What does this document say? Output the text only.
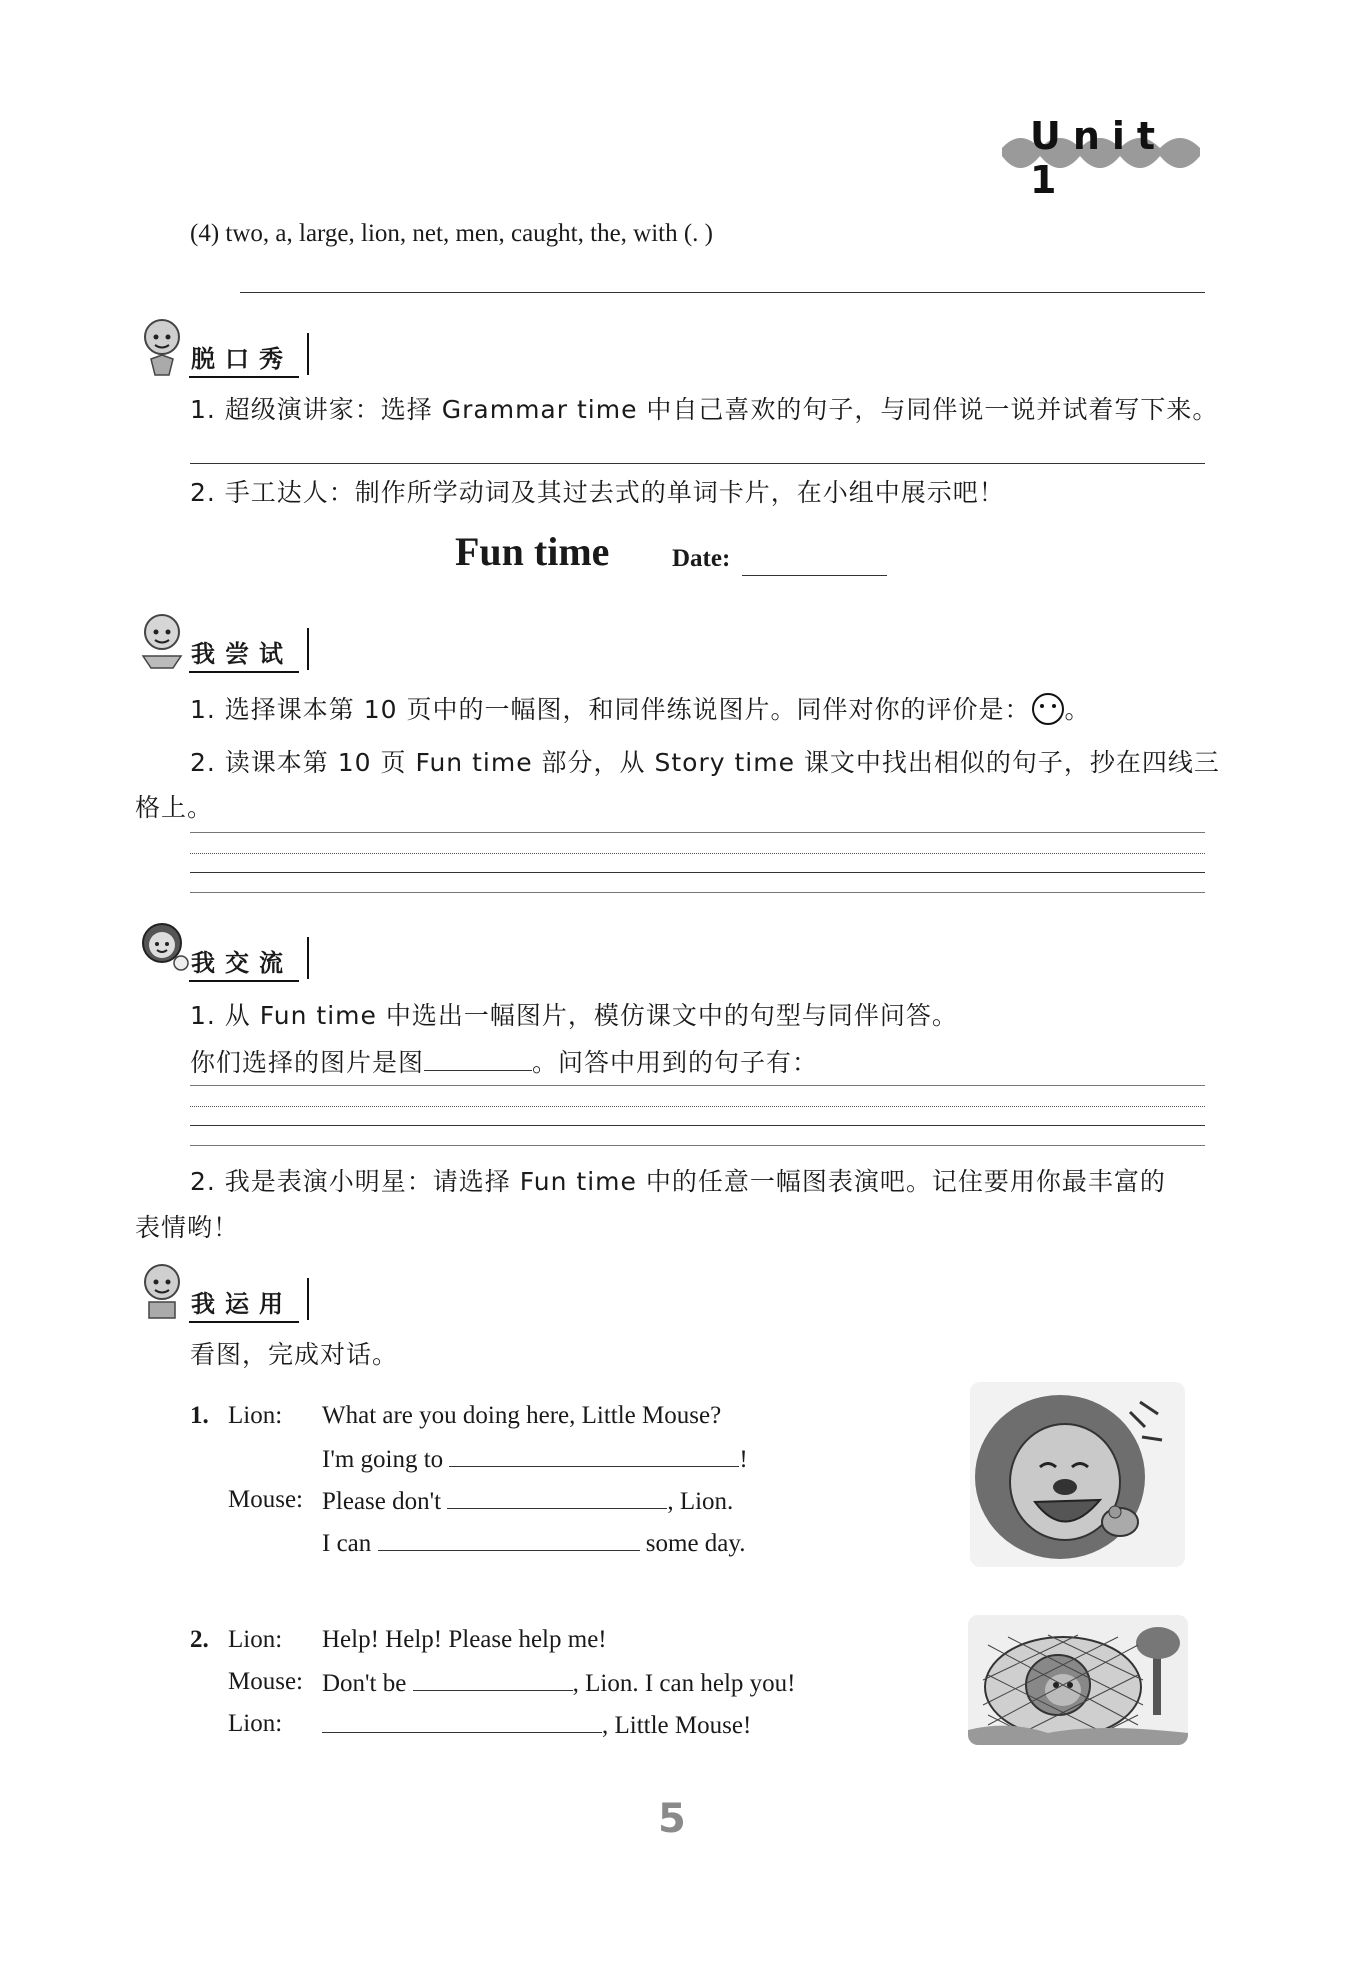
Unit 1
(4) two, a, large, lion, net, men, caught, the, with (. )
脱口秀
1. 超级演讲家：选择 Grammar time 中自己喜欢的句子，与同伴说一说并试着写下来。
2. 手工达人：制作所学动词及其过去式的单词卡片，在小组中展示吧！
Fun time	Date:
我尝试
1. 选择课本第 10 页中的一幅图，和同伴练说图片。同伴对你的评价是： 。
2. 读课本第 10 页 Fun time 部分，从 Story time 课文中找出相似的句子，抄在四线三
格上。
我交流
1. 从 Fun time 中选出一幅图片，模仿课文中的句型与同伴问答。
你们选择的图片是图	。问答中用到的句子有：
2. 我是表演小明星：请选择 Fun time 中的任意一幅图表演吧。记住要用你最丰富的
表情哟！
我运用
看图，完成对话。
1. Lion: What are you doing here, Little Mouse?
I'm going to	!
Mouse: Please don't	, Lion.
I can	some day.
2. Lion: Help! Help! Please help me!
Mouse: Don't be	, Lion. I can help you!
Lion:	, Little Mouse!
5
